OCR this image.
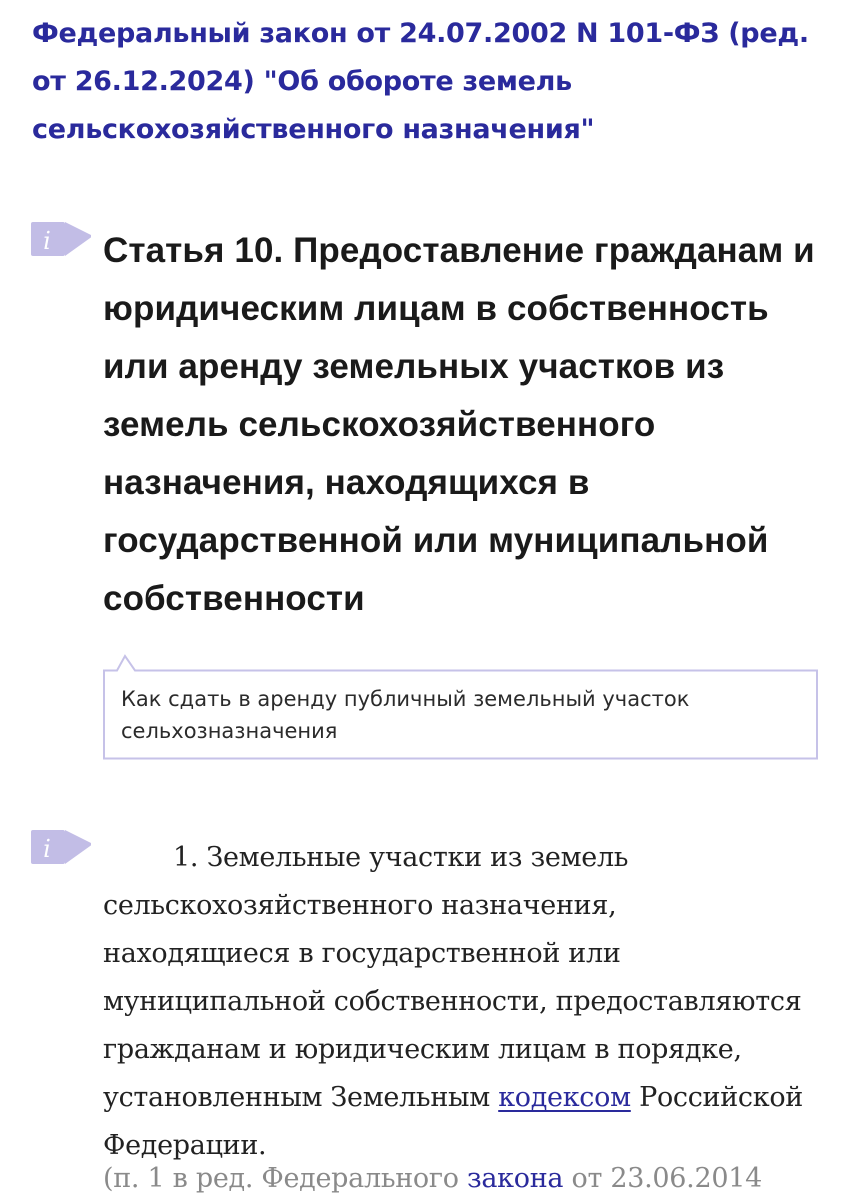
Федеральный закон от 24.07.2002 N 101-ФЗ (ред. от 26.12.2024) "Об обороте земель сельскохозяйственного назначения"
i Статья 10. Предоставление гражданам и юридическим лицам в собственность или аренду земельных участков из земель сельскохозяйственного назначения, находящихся в государственной или муниципальной собственности
Как сдать в аренду публичный земельный участок сельхозназначения
i	1. Земельные участки из земель сельскохозяйственного назначения, находящиеся в государственной или муниципальной собственности, предоставляются гражданам и юридическим лицам в порядке, установленным Земельным кодексом Российской Федерации.

(п. 1 в ред. Федерального закона от 23.06.2014
